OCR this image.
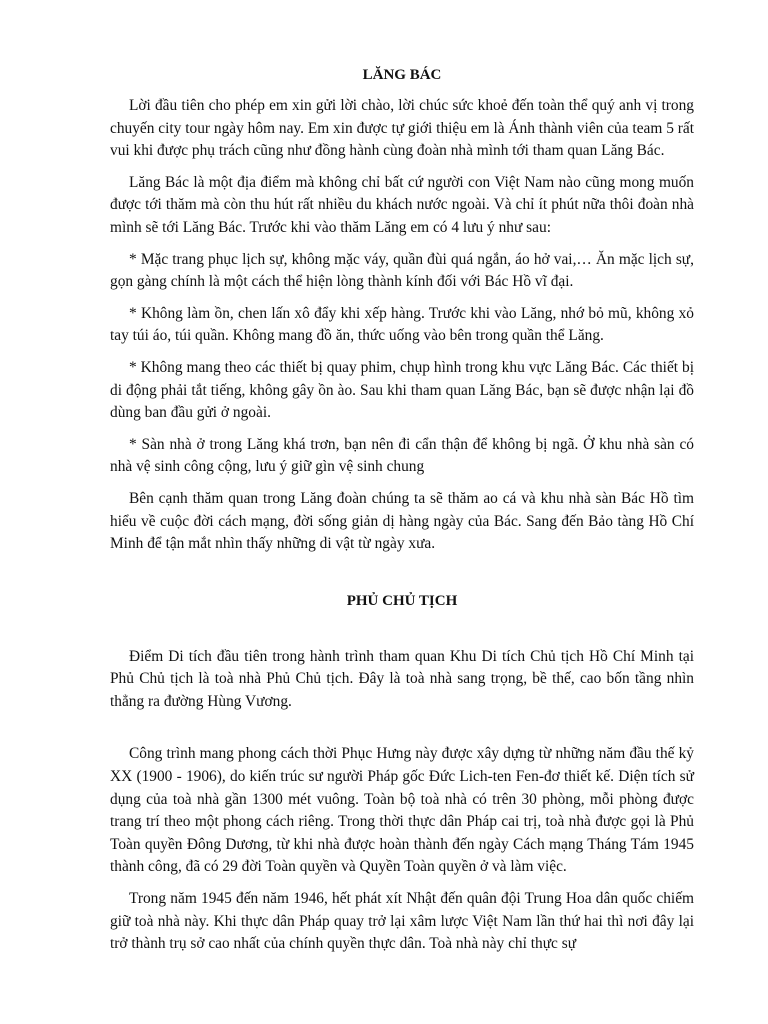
LĂNG BÁC

Lời đầu tiên cho phép em xin gửi lời chào, lời chúc sức khoẻ đến toàn thể quý anh vị trong chuyến city tour ngày hôm nay. Em xin được tự giới thiệu em là Ánh thành viên của team 5 rất vui khi được phụ trách cũng như đồng hành cùng đoàn nhà mình tới tham quan Lăng Bác.

Lăng Bác là một địa điểm mà không chỉ bất cứ người con Việt Nam nào cũng mong muốn được tới thăm mà còn thu hút rất nhiều du khách nước ngoài. Và chỉ ít phút nữa thôi đoàn nhà mình sẽ tới Lăng Bác. Trước khi vào thăm Lăng em có 4 lưu ý như sau:

* Mặc trang phục lịch sự, không mặc váy, quần đùi quá ngắn, áo hở vai,… Ăn mặc lịch sự, gọn gàng chính là một cách thể hiện lòng thành kính đối với Bác Hồ vĩ đại.

* Không làm ồn, chen lấn xô đẩy khi xếp hàng. Trước khi vào Lăng, nhớ bỏ mũ, không xỏ tay túi áo, túi quần. Không mang đồ ăn, thức uống vào bên trong quần thể Lăng.

* Không mang theo các thiết bị quay phim, chụp hình trong khu vực Lăng Bác. Các thiết bị di động phải tắt tiếng, không gây ồn ào. Sau khi tham quan Lăng Bác, bạn sẽ được nhận lại đồ dùng ban đầu gửi ở ngoài.

* Sàn nhà ở trong Lăng khá trơn, bạn nên đi cẩn thận để không bị ngã. Ở khu nhà sàn có nhà vệ sinh công cộng, lưu ý giữ gìn vệ sinh chung

Bên cạnh thăm quan trong Lăng đoàn chúng ta sẽ thăm ao cá và khu nhà sàn Bác Hồ tìm hiểu về cuộc đời cách mạng, đời sống giản dị hàng ngày của Bác. Sang đến Bảo tàng Hồ Chí Minh để tận mắt nhìn thấy những di vật từ ngày xưa.

PHỦ CHỦ TỊCH

Điểm Di tích đầu tiên trong hành trình tham quan Khu Di tích Chủ tịch Hồ Chí Minh tại Phủ Chủ tịch là toà nhà Phủ Chủ tịch. Đây là toà nhà sang trọng, bề thế, cao bốn tầng nhìn thẳng ra đường Hùng Vương.

Công trình mang phong cách thời Phục Hưng này được xây dựng từ những năm đầu thế kỷ XX (1900 - 1906), do kiến trúc sư người Pháp gốc Đức Lich-ten Fen-đơ thiết kế. Diện tích sử dụng của toà nhà gần 1300 mét vuông. Toàn bộ toà nhà có trên 30 phòng, mỗi phòng được trang trí theo một phong cách riêng. Trong thời thực dân Pháp cai trị, toà nhà được gọi là Phủ Toàn quyền Đông Dương, từ khi nhà được hoàn thành đến ngày Cách mạng Tháng Tám 1945 thành công, đã có 29 đời Toàn quyền và Quyền Toàn quyền ở và làm việc.

Trong năm 1945 đến năm 1946, hết phát xít Nhật đến quân đội Trung Hoa dân quốc chiếm giữ toà nhà này. Khi thực dân Pháp quay trở lại xâm lược Việt Nam lần thứ hai thì nơi đây lại trở thành trụ sở cao nhất của chính quyền thực dân. Toà nhà này chỉ thực sự
